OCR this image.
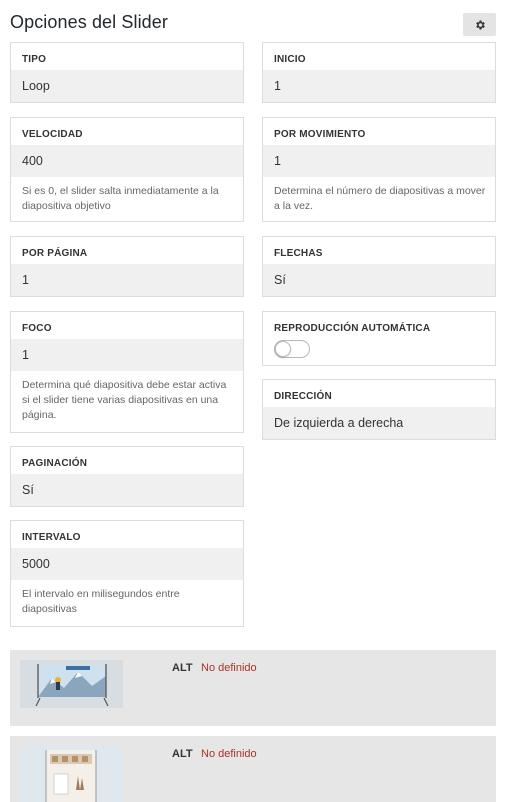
Opciones del Slider
TIPO
Loop
INICIO
1
VELOCIDAD
400
Si es 0, el slider salta inmediatamente a la diapositiva objetivo
POR MOVIMIENTO
1
Determina el número de diapositivas a mover a la vez.
POR PÁGINA
1
FLECHAS
Sí
FOCO
1
Determina qué diapositiva debe estar activa si el slider tiene varias diapositivas en una página.
REPRODUCCIÓN AUTOMÁTICA
DIRECCIÓN
De izquierda a derecha
PAGINACIÓN
Sí
INTERVALO
5000
El intervalo en milisegundos entre diapositivas
ALT No definido
ALT No definido
